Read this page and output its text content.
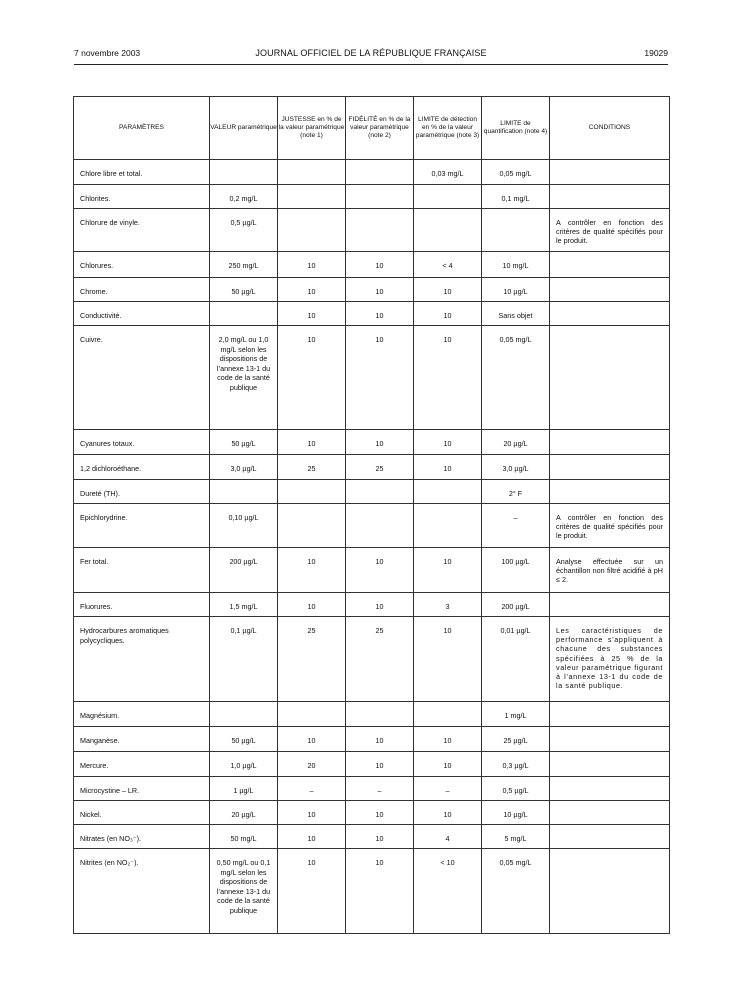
7 novembre 2003	JOURNAL OFFICIEL DE LA RÉPUBLIQUE FRANÇAISE	19029
PARAMÈTRES	VALEUR paramétrique	JUSTESSE en % de la valeur paramétrique (note 1)	FIDÉLITÉ en % de la valeur paramétrique (note 2)	LIMITE de détection en % de la valeur paramétrique (note 3)	LIMITE de quantification (note 4)	CONDITIONS

Chlore libre et total.				0,03 mg/L	0,05 mg/L	

Chlorites.	0,2 mg/L				0,1 mg/L	

Chlorure de vinyle.	0,5 µg/L					A contrôler en fonction des critères de qualité spécifiés pour le produit.

Chlorures.	250 mg/L	10	10	< 4	10 mg/L	

Chrome.	50 µg/L	10	10	10	10 µg/L	

Conductivité.		10	10	10	Sans objet	

Cuivre.	2,0 mg/L ou 1,0 mg/L selon les dispositions de l’annexe 13-1 du code de la santé publique	10	10	10	0,05 mg/L	

Cyanures totaux.	50 µg/L	10	10	10	20 µg/L	

1,2 dichloroéthane.	3,0 µg/L	25	25	10	3,0 µg/L	

Dureté (TH).					2° F	

Epichlorydrine.	0,10 µg/L				–	A contrôler en fonction des critères de qualité spécifiés pour le produit.

Fer total.	200 µg/L	10	10	10	100 µg/L	Analyse effectuée sur un échantillon non filtré acidifié à pH ≤ 2.

Fluorures.	1,5 mg/L	10	10	3	200 µg/L	

Hydrocarbures aromatiques polycycliques.	0,1 µg/L	25	25	10	0,01 µg/L	Les caractéristiques de performance s’appliquent à chacune des substances spécifiées à 25 % de la valeur paramétrique figurant à l’annexe 13-1 du code de la santé publique.

Magnésium.					1 mg/L	

Manganèse.	50 µg/L	10	10	10	25 µg/L	

Mercure.	1,0 µg/L	20	10	10	0,3 µg/L	

Microcystine – LR.	1 µg/L	–	–	–	0,5 µg/L	

Nickel.	20 µg/L	10	10	10	10 µg/L	

Nitrates (en NO₃⁻).	50 mg/L	10	10	4	5 mg/L	

Nitrites (en NO₂⁻).	0,50 mg/L ou 0,1 mg/L selon les dispositions de l’annexe 13-1 du code de la santé publique	10	10	< 10	0,05 mg/L	
